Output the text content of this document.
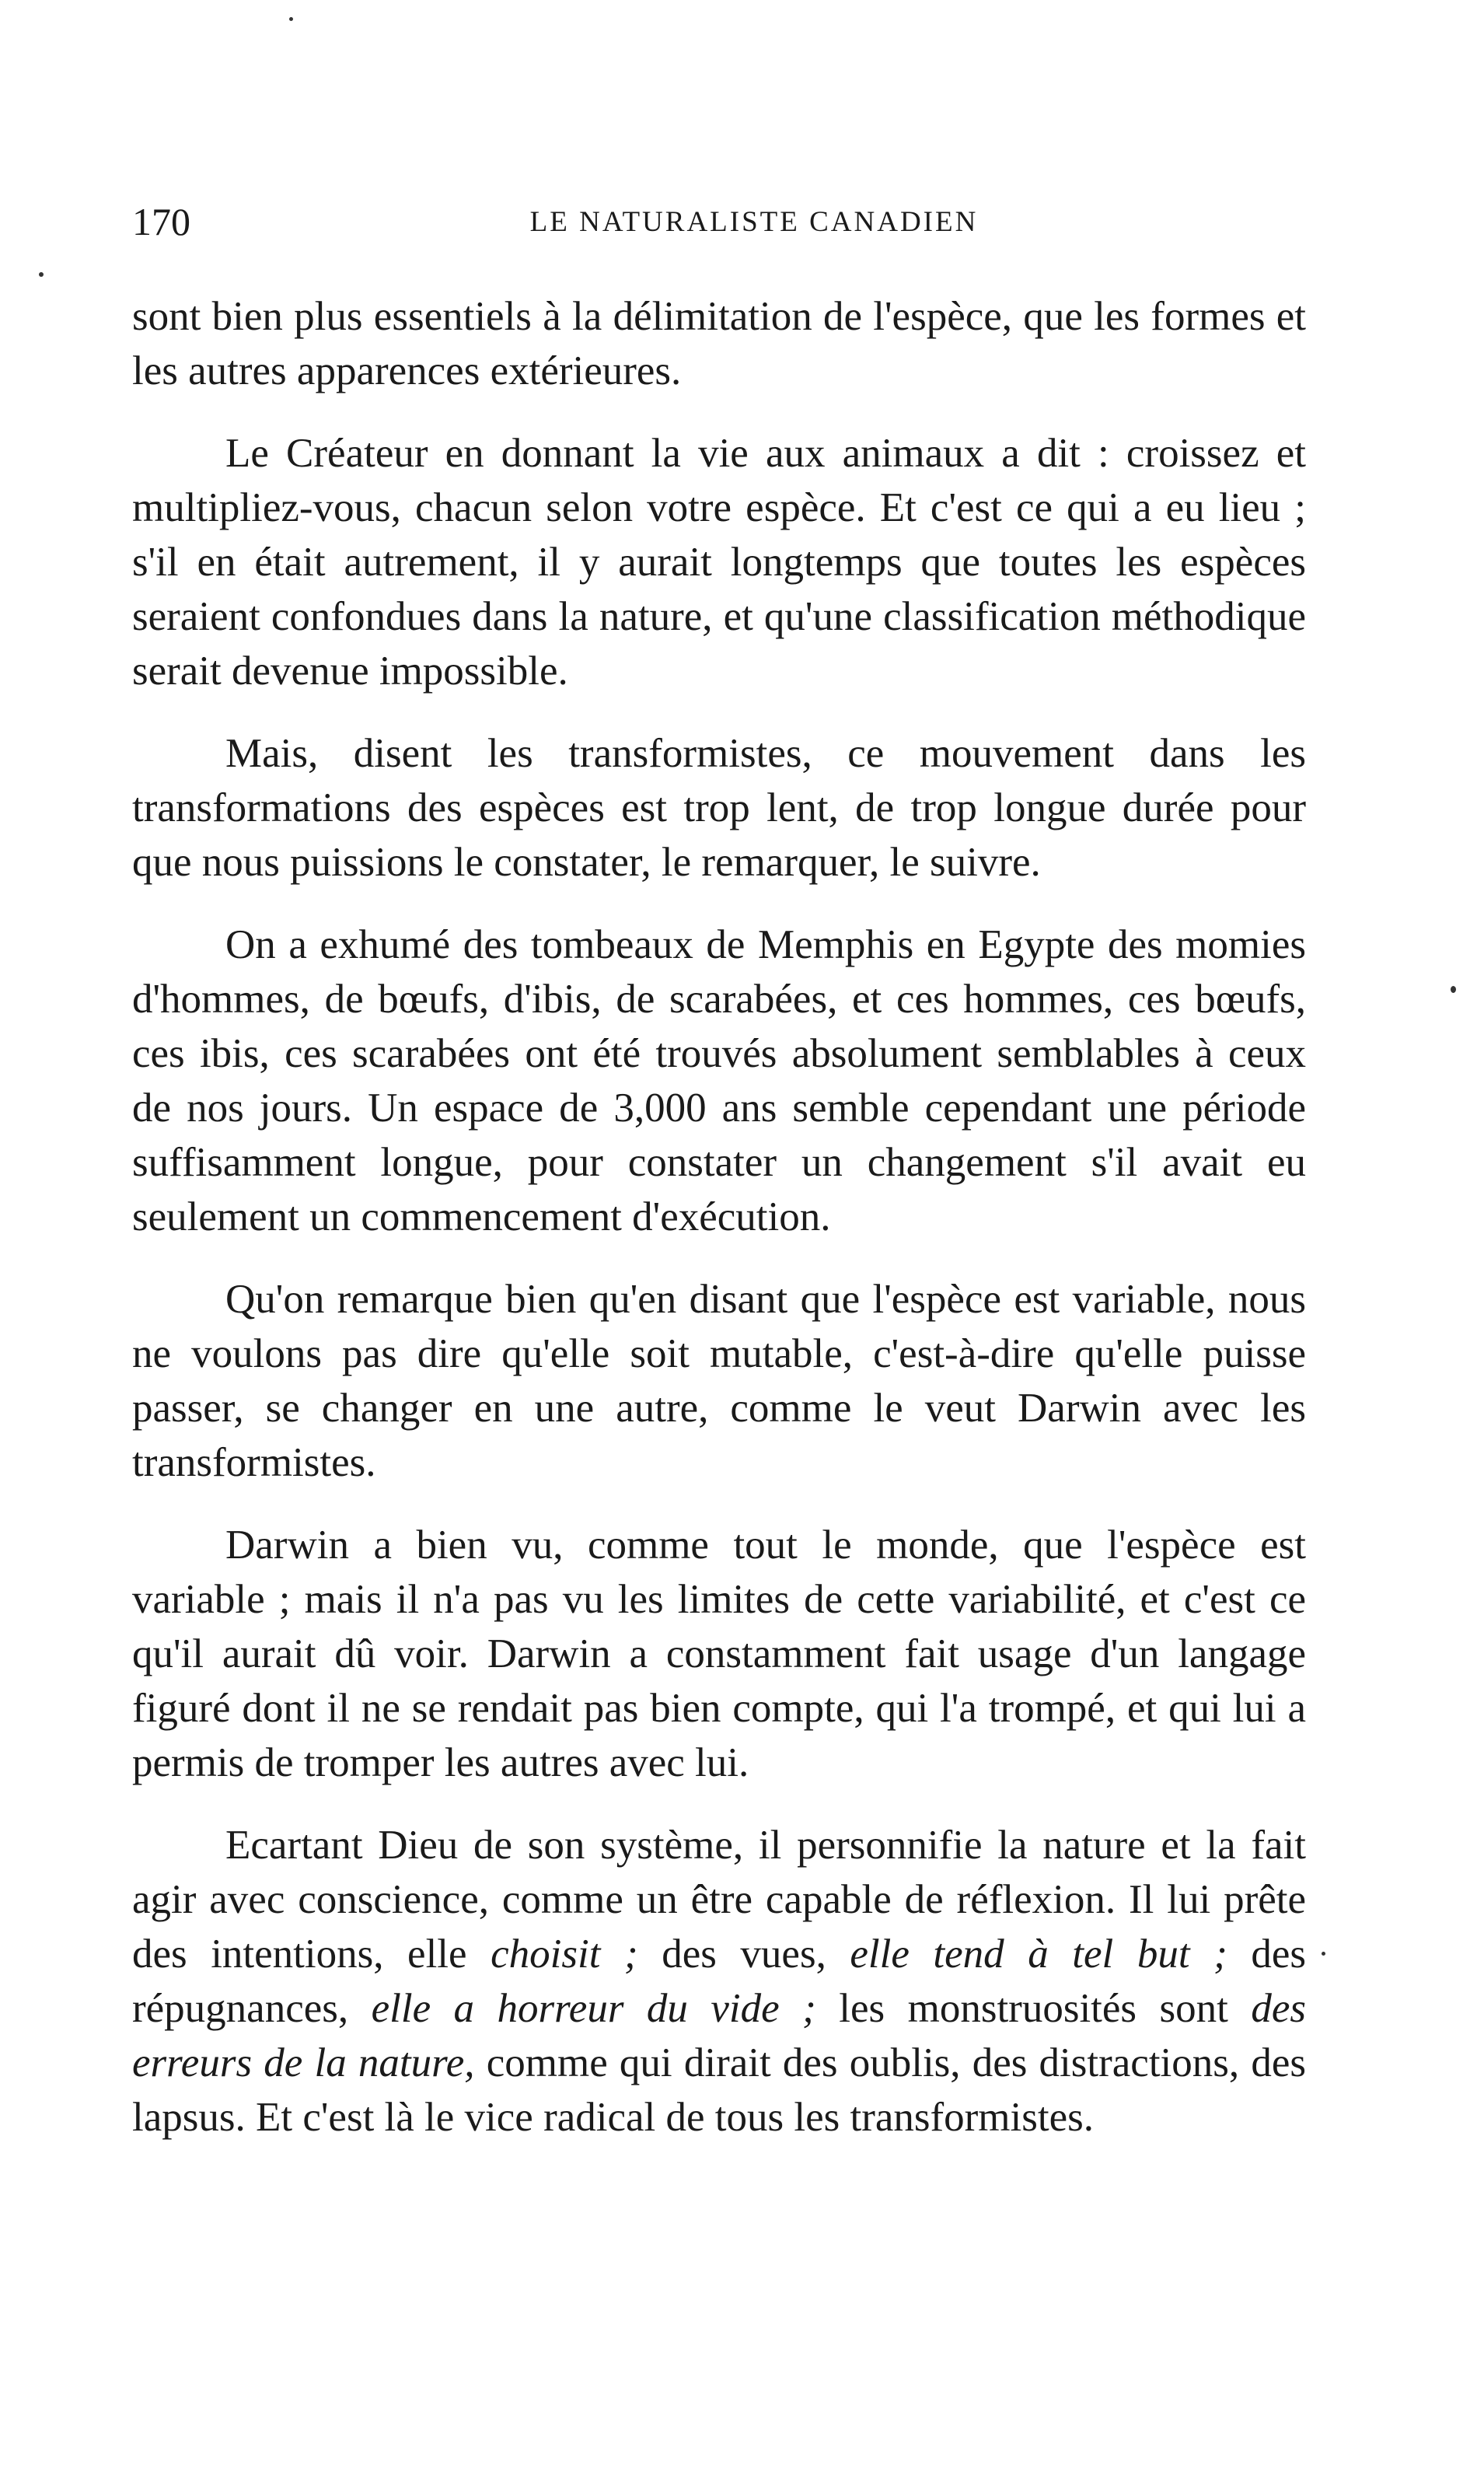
170	LE NATURALISTE CANADIEN

sont bien plus essentiels à la délimitation de l'espèce, que les formes et les autres apparences extérieures.

Le Créateur en donnant la vie aux animaux a dit : croissez et multipliez-vous, chacun selon votre espèce. Et c'est ce qui a eu lieu ; s'il en était autrement, il y aurait longtemps que toutes les espèces seraient confondues dans la nature, et qu'une classification méthodique serait devenue impossible.

Mais, disent les transformistes, ce mouvement dans les transformations des espèces est trop lent, de trop longue durée pour que nous puissions le constater, le remarquer, le suivre.

On a exhumé des tombeaux de Memphis en Egypte des momies d'hommes, de bœufs, d'ibis, de scarabées, et ces hommes, ces bœufs, ces ibis, ces scarabées ont été trouvés absolument semblables à ceux de nos jours. Un espace de 3,000 ans semble cependant une période suffisamment longue, pour constater un changement s'il avait eu seulement un commencement d'exécution.

Qu'on remarque bien qu'en disant que l'espèce est variable, nous ne voulons pas dire qu'elle soit mutable, c'est-à-dire qu'elle puisse passer, se changer en une autre, comme le veut Darwin avec les transformistes.

Darwin a bien vu, comme tout le monde, que l'espèce est variable ; mais il n'a pas vu les limites de cette variabilité, et c'est ce qu'il aurait dû voir. Darwin a constamment fait usage d'un langage figuré dont il ne se rendait pas bien compte, qui l'a trompé, et qui lui a permis de tromper les autres avec lui.

Ecartant Dieu de son système, il personnifie la nature et la fait agir avec conscience, comme un être capable de réflexion. Il lui prête des intentions, elle choisit ; des vues, elle tend à tel but ; des répugnances, elle a horreur du vide ; les monstruosités sont des erreurs de la nature, comme qui dirait des oublis, des distractions, des lapsus. Et c'est là le vice radical de tous les transformistes.
